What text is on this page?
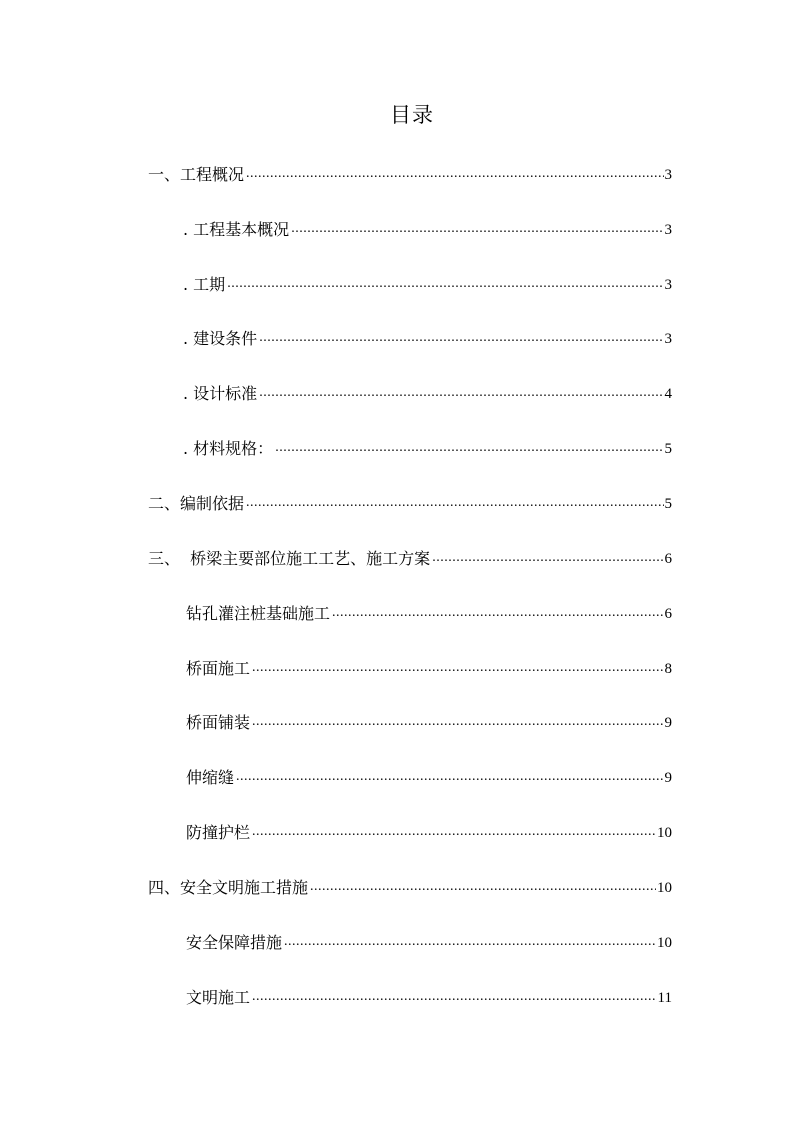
目录
一、工程概况 .....	3
. 工程基本概况 .....	3
. 工期 .....	3
. 建设条件 .....	3
. 设计标准 .....	4
. 材料规格： .....	5
二、编制依据 .....	5
三、  桥梁主要部位施工工艺、施工方案 .....	6
钻孔灌注桩基础施工 .....	6
桥面施工 .....	8
桥面铺装 .....	9
伸缩缝 .....	9
防撞护栏 .....	10
四、安全文明施工措施 .....	10
安全保障措施 .....	10
文明施工 .....	11
